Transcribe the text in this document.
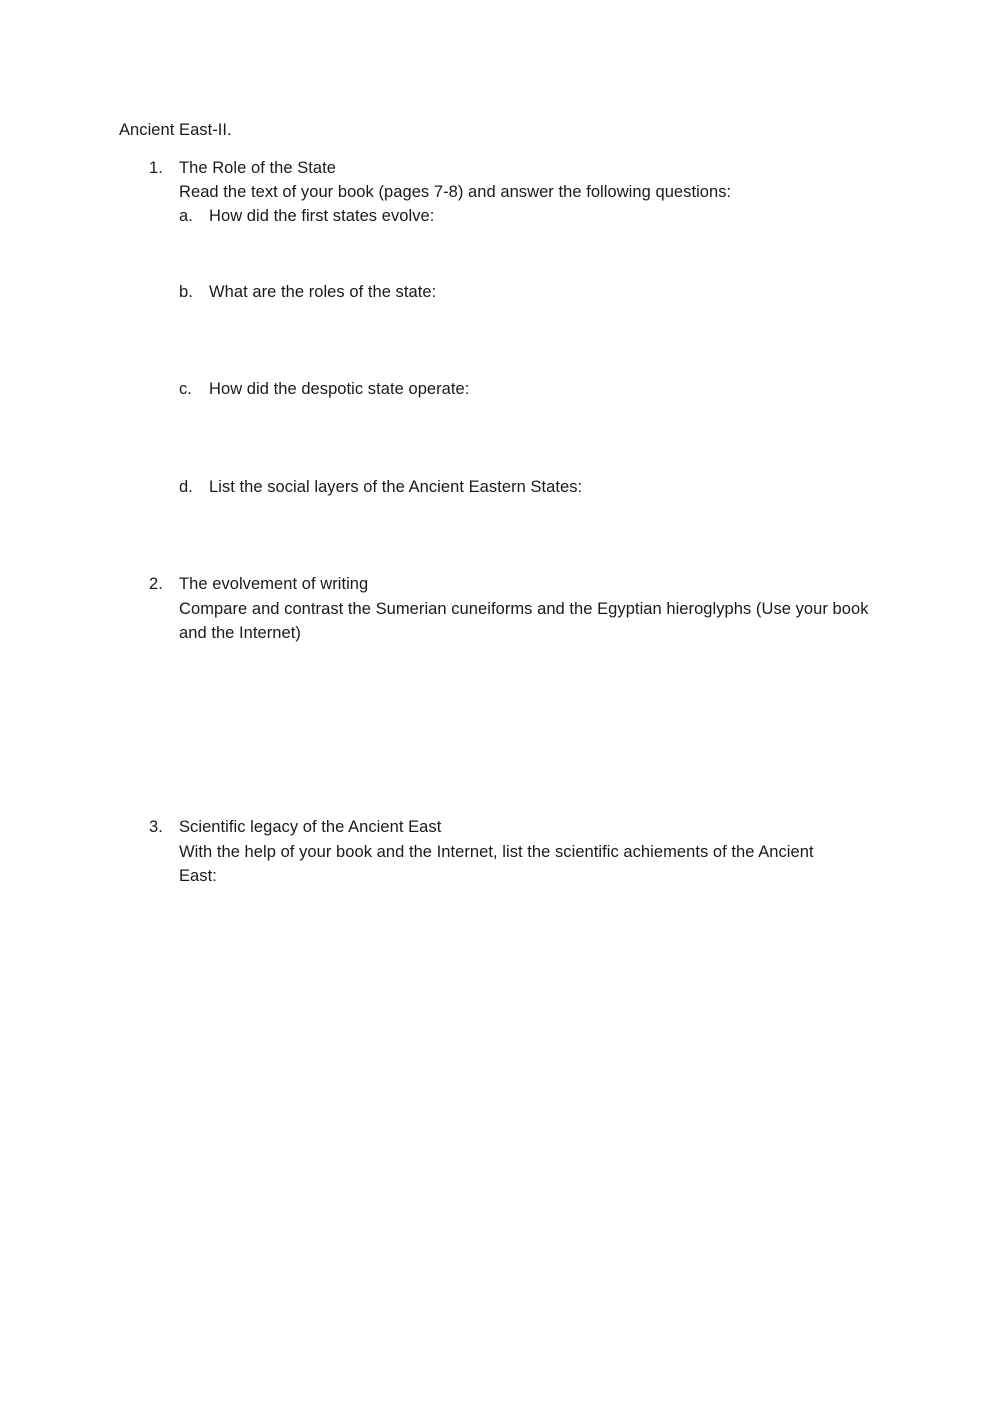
Ancient East-II.
1. The Role of the State
Read the text of your book (pages 7-8) and answer the following questions:
a. How did the first states evolve:
b. What are the roles of the state:
c. How did the despotic state operate:
d. List the social layers of the Ancient Eastern States:
2. The evolvement of writing
Compare and contrast the Sumerian cuneiforms and the Egyptian hieroglyphs (Use your book
and the Internet)
3. Scientific legacy of the Ancient East
With the help of your book and the Internet, list the scientific achiements of the Ancient
East:
